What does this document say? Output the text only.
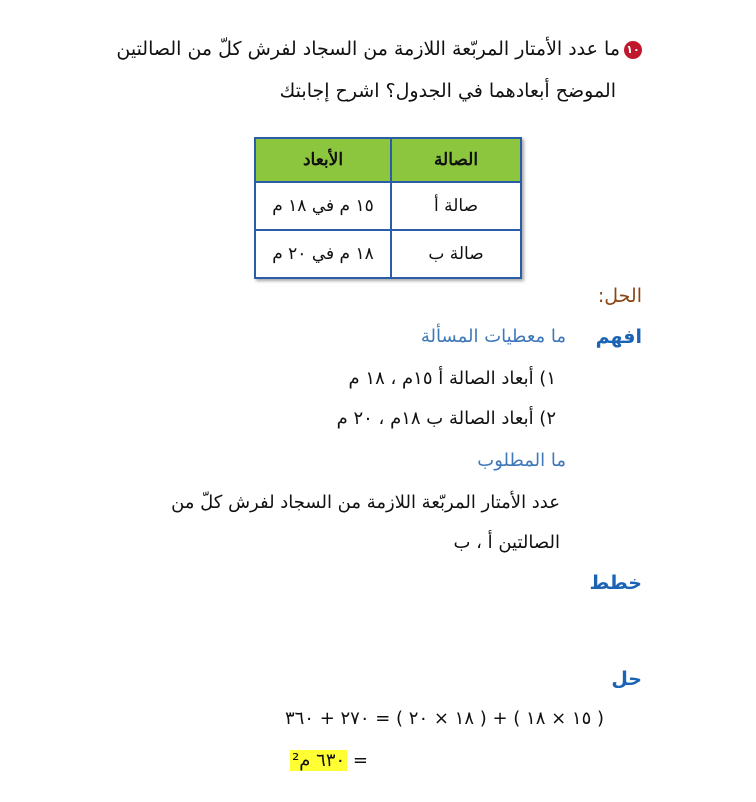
١٠ما عدد الأمتار المربّعة اللازمة من السجاد لفرش كلّ من الصالتين
الموضح أبعادهما في الجدول؟ اشرح إجابتك
الصالة	الأبعاد
صالة أ	١٥ م في ١٨ م
صالة ب	١٨ م في ٢٠ م
الحل:
افهم
ما معطيات المسألة
١) أبعاد الصالة أ ١٥م ، ١٨ م
٢) أبعاد الصالة ب ١٨م ، ٢٠ م
ما المطلوب
عدد الأمتار المربّعة اللازمة من السجاد لفرش كلّ من
الصالتين أ ، ب
خطط
حل
( ١٥ × ١٨ ) + ( ١٨ × ٢٠ ) = ٢٧٠ + ٣٦٠
= ٦٣٠ م²
